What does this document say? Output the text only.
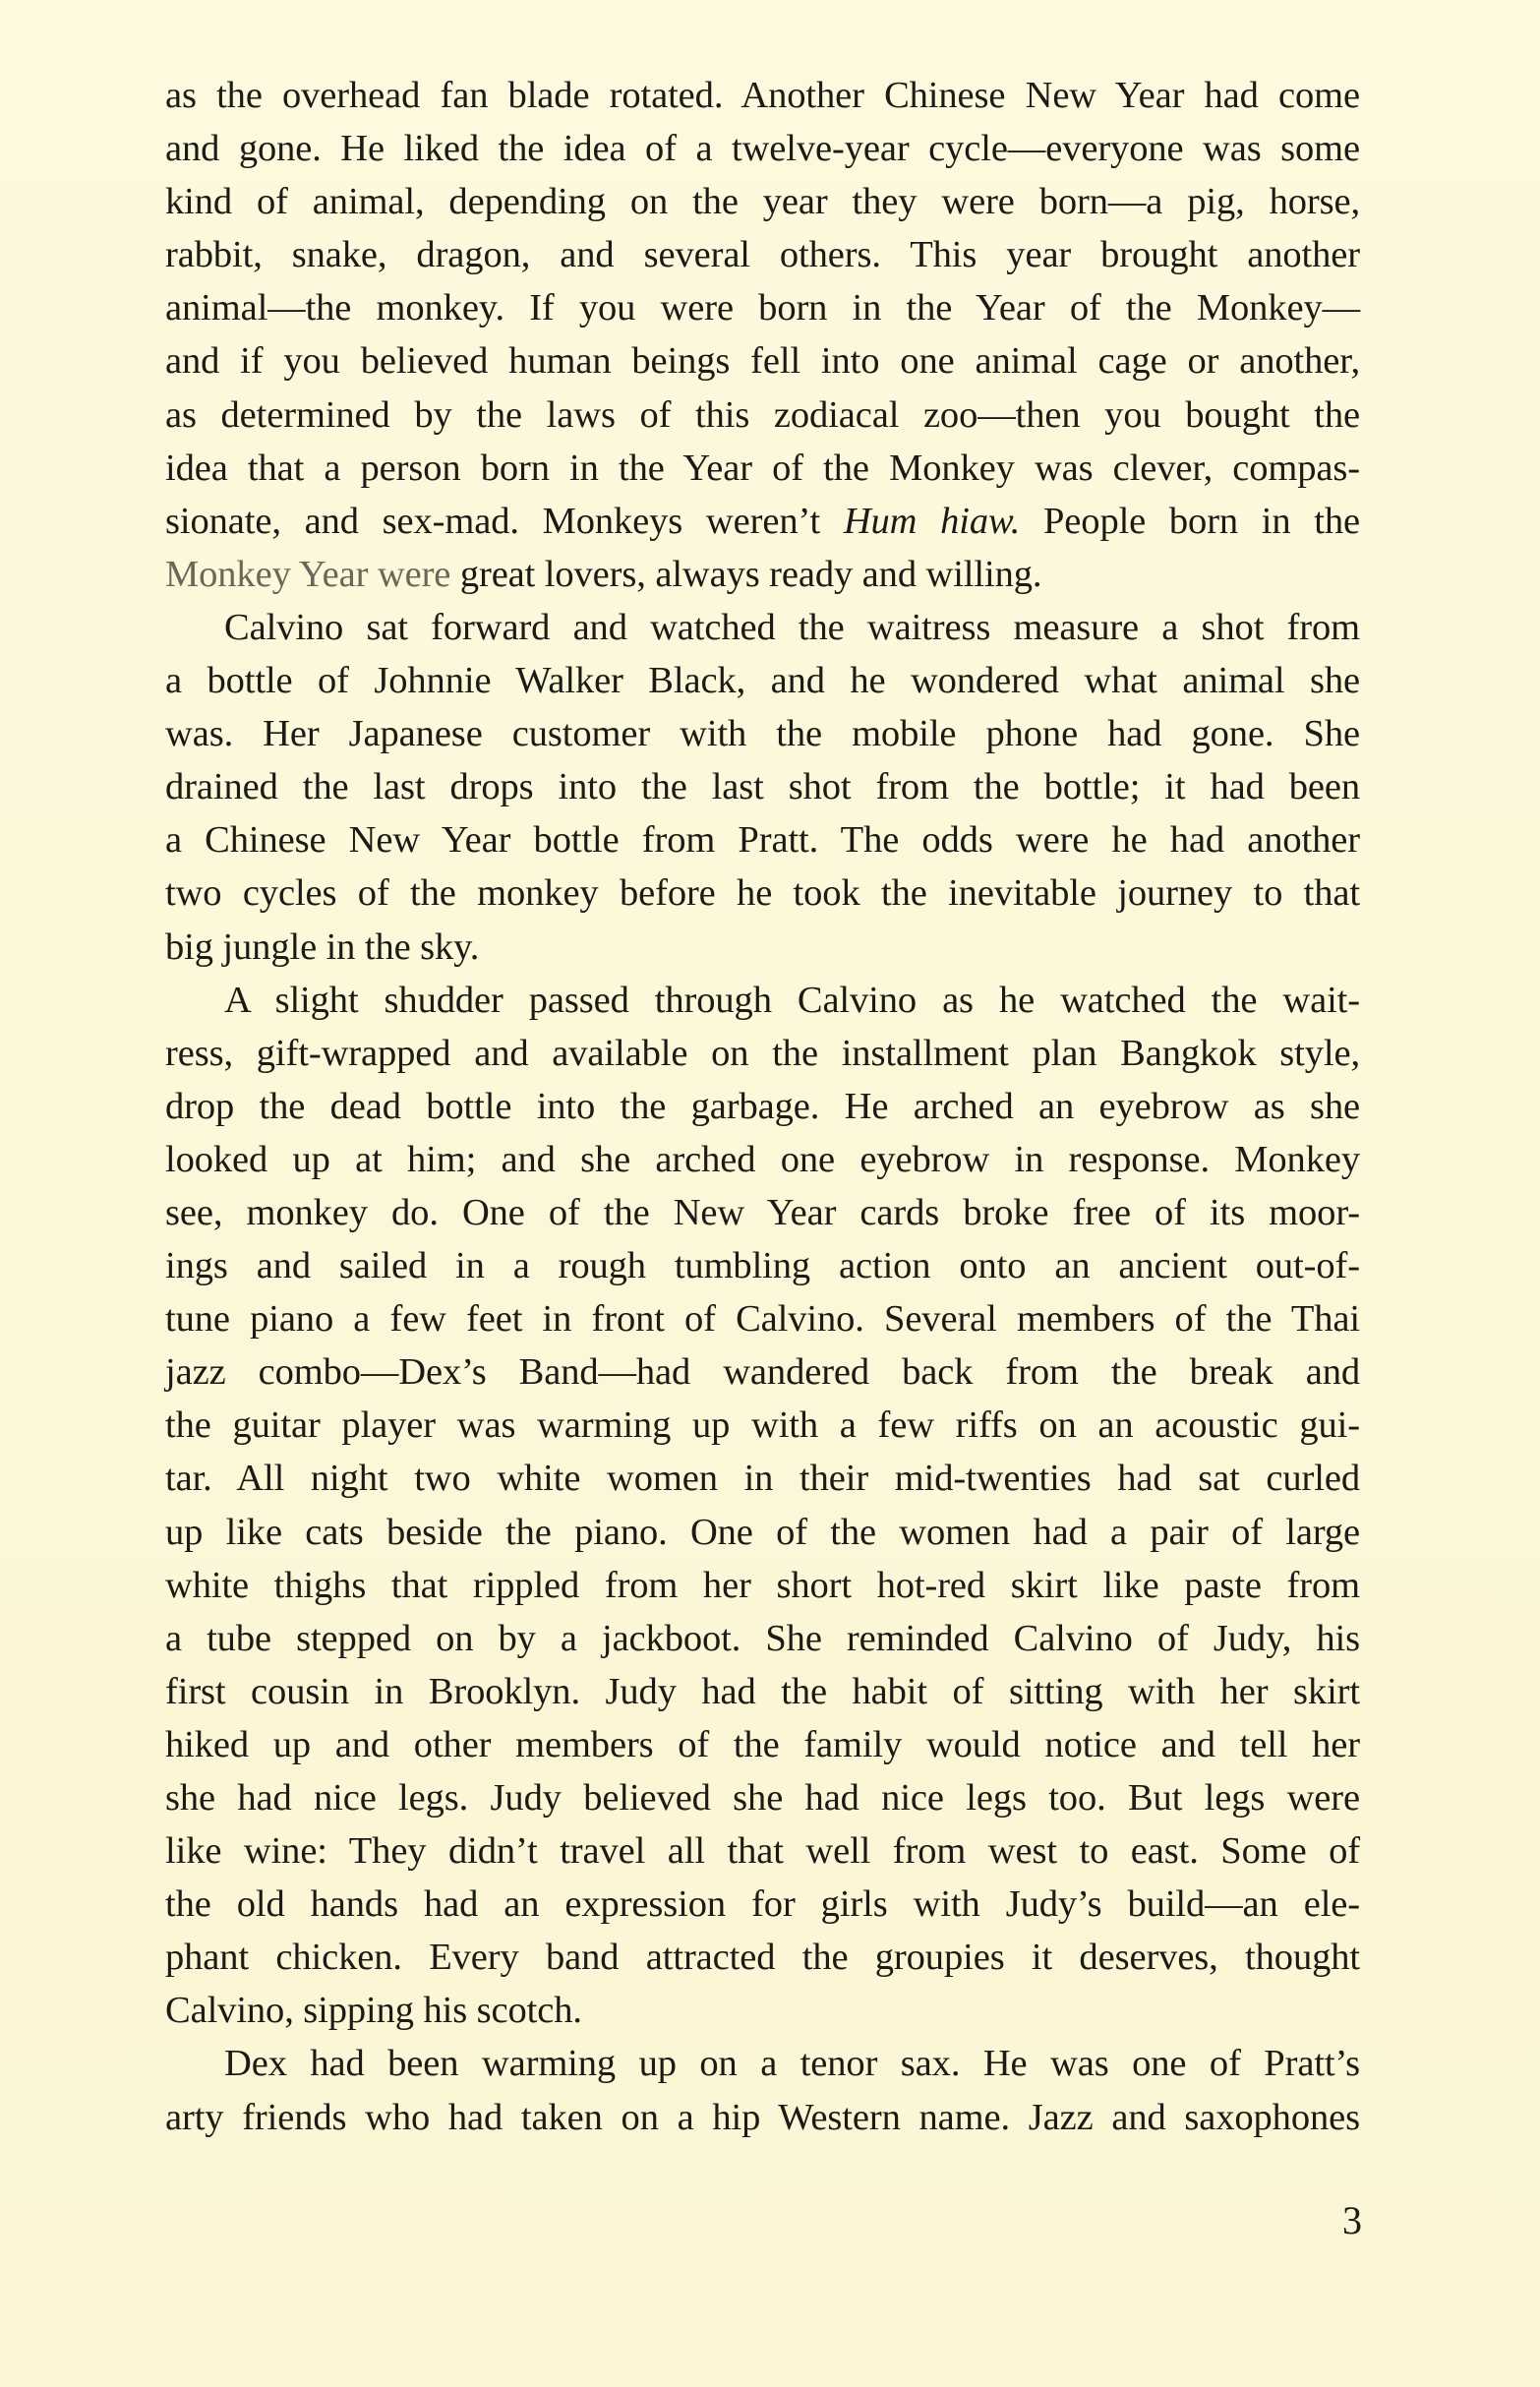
as the overhead fan blade rotated. Another Chinese New Year had come
and gone. He liked the idea of a twelve-year cycle—everyone was some
kind of animal, depending on the year they were born—a pig, horse,
rabbit, snake, dragon, and several others. This year brought another
animal—the monkey. If you were born in the Year of the Monkey—
and if you believed human beings fell into one animal cage or another,
as determined by the laws of this zodiacal zoo—then you bought the
idea that a person born in the Year of the Monkey was clever, compas-
sionate, and sex-mad. Monkeys weren’t Hum hiaw. People born in the
Monkey Year were great lovers, always ready and willing.

Calvino sat forward and watched the waitress measure a shot from
a bottle of Johnnie Walker Black, and he wondered what animal she
was. Her Japanese customer with the mobile phone had gone. She
drained the last drops into the last shot from the bottle; it had been
a Chinese New Year bottle from Pratt. The odds were he had another
two cycles of the monkey before he took the inevitable journey to that
big jungle in the sky.

A slight shudder passed through Calvino as he watched the wait-
ress, gift-wrapped and available on the installment plan Bangkok style,
drop the dead bottle into the garbage. He arched an eyebrow as she
looked up at him; and she arched one eyebrow in response. Monkey
see, monkey do. One of the New Year cards broke free of its moor-
ings and sailed in a rough tumbling action onto an ancient out-of-
tune piano a few feet in front of Calvino. Several members of the Thai
jazz combo—Dex’s Band—had wandered back from the break and
the guitar player was warming up with a few riffs on an acoustic gui-
tar. All night two white women in their mid-twenties had sat curled
up like cats beside the piano. One of the women had a pair of large
white thighs that rippled from her short hot-red skirt like paste from
a tube stepped on by a jackboot. She reminded Calvino of Judy, his
first cousin in Brooklyn. Judy had the habit of sitting with her skirt
hiked up and other members of the family would notice and tell her
she had nice legs. Judy believed she had nice legs too. But legs were
like wine: They didn’t travel all that well from west to east. Some of
the old hands had an expression for girls with Judy’s build—an ele-
phant chicken. Every band attracted the groupies it deserves, thought
Calvino, sipping his scotch.

Dex had been warming up on a tenor sax. He was one of Pratt’s
arty friends who had taken on a hip Western name. Jazz and saxophones

3
